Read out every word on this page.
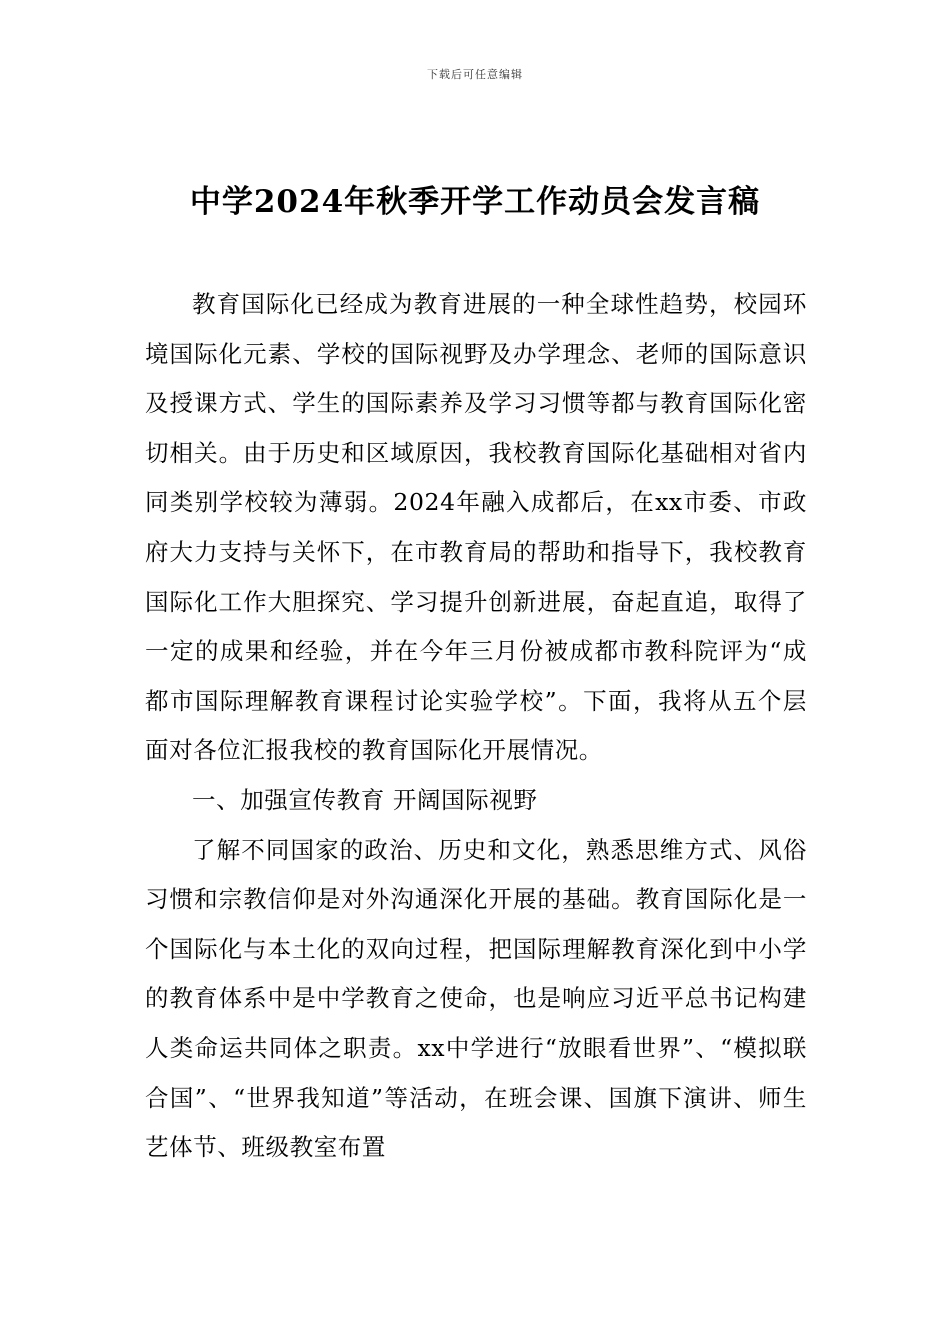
下载后可任意编辑
中学2024年秋季开学工作动员会发言稿

教育国际化已经成为教育进展的一种全球性趋势，校园环境国际化元素、学校的国际视野及办学理念、老师的国际意识及授课方式、学生的国际素养及学习习惯等都与教育国际化密切相关。由于历史和区域原因，我校教育国际化基础相对省内同类别学校较为薄弱。2024年融入成都后，在xx市委、市政府大力支持与关怀下，在市教育局的帮助和指导下，我校教育国际化工作大胆探究、学习提升创新进展，奋起直追，取得了一定的成果和经验，并在今年三月份被成都市教科院评为“成都市国际理解教育课程讨论实验学校”。下面，我将从五个层面对各位汇报我校的教育国际化开展情况。

一、加强宣传教育 开阔国际视野

了解不同国家的政治、历史和文化，熟悉思维方式、风俗习惯和宗教信仰是对外沟通深化开展的基础。教育国际化是一个国际化与本土化的双向过程，把国际理解教育深化到中小学的教育体系中是中学教育之使命，也是响应习近平总书记构建人类命运共同体之职责。xx中学进行“放眼看世界”、“模拟联合国”、“世界我知道”等活动，在班会课、国旗下演讲、师生艺体节、班级教室布置
